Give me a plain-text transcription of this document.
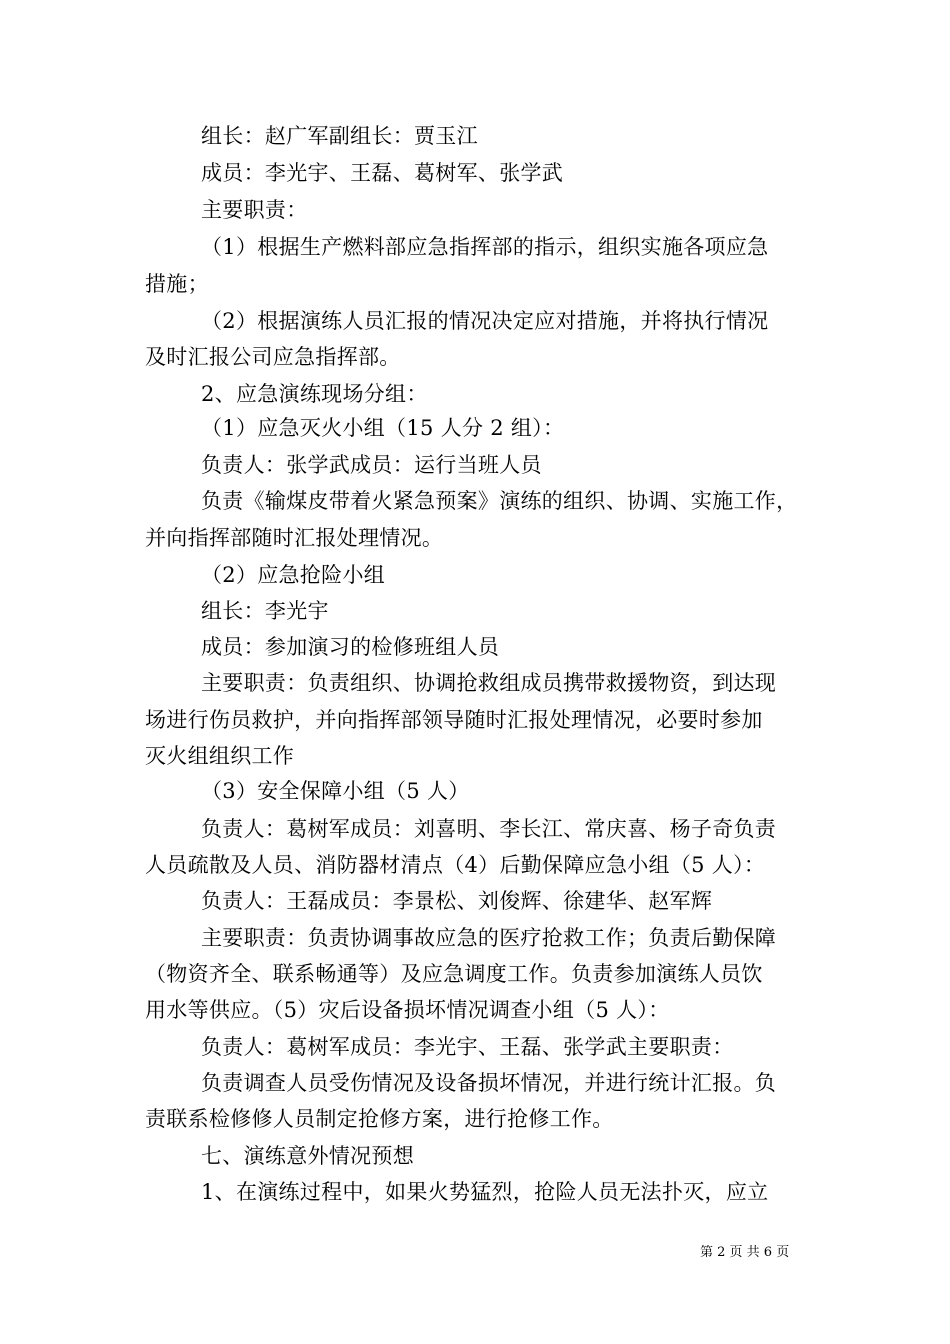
组长：赵广军副组长：贾玉江
成员：李光宇、王磊、葛树军、张学武
主要职责：
（1）根据生产燃料部应急指挥部的指示，组织实施各项应急
措施；
（2）根据演练人员汇报的情况决定应对措施，并将执行情况
及时汇报公司应急指挥部。
2、应急演练现场分组：
（1）应急灭火小组（15 人分 2 组）：
负责人：张学武成员：运行当班人员
负责《输煤皮带着火紧急预案》演练的组织、协调、实施工作，
并向指挥部随时汇报处理情况。
（2）应急抢险小组
组长：李光宇
成员：参加演习的检修班组人员
主要职责：负责组织、协调抢救组成员携带救援物资，到达现
场进行伤员救护，并向指挥部领导随时汇报处理情况，必要时参加
灭火组组织工作
（3）安全保障小组（5 人）
负责人：葛树军成员：刘喜明、李长江、常庆喜、杨子奇负责
人员疏散及人员、消防器材清点（4）后勤保障应急小组（5 人）：
负责人：王磊成员：李景松、刘俊辉、徐建华、赵军辉
主要职责：负责协调事故应急的医疗抢救工作；负责后勤保障
（物资齐全、联系畅通等）及应急调度工作。负责参加演练人员饮
用水等供应。（5）灾后设备损坏情况调查小组（5 人）：
负责人：葛树军成员：李光宇、王磊、张学武主要职责：
负责调查人员受伤情况及设备损坏情况，并进行统计汇报。负
责联系检修修人员制定抢修方案，进行抢修工作。
七、演练意外情况预想
1、在演练过程中，如果火势猛烈，抢险人员无法扑灭，应立
第 2 页 共 6 页
